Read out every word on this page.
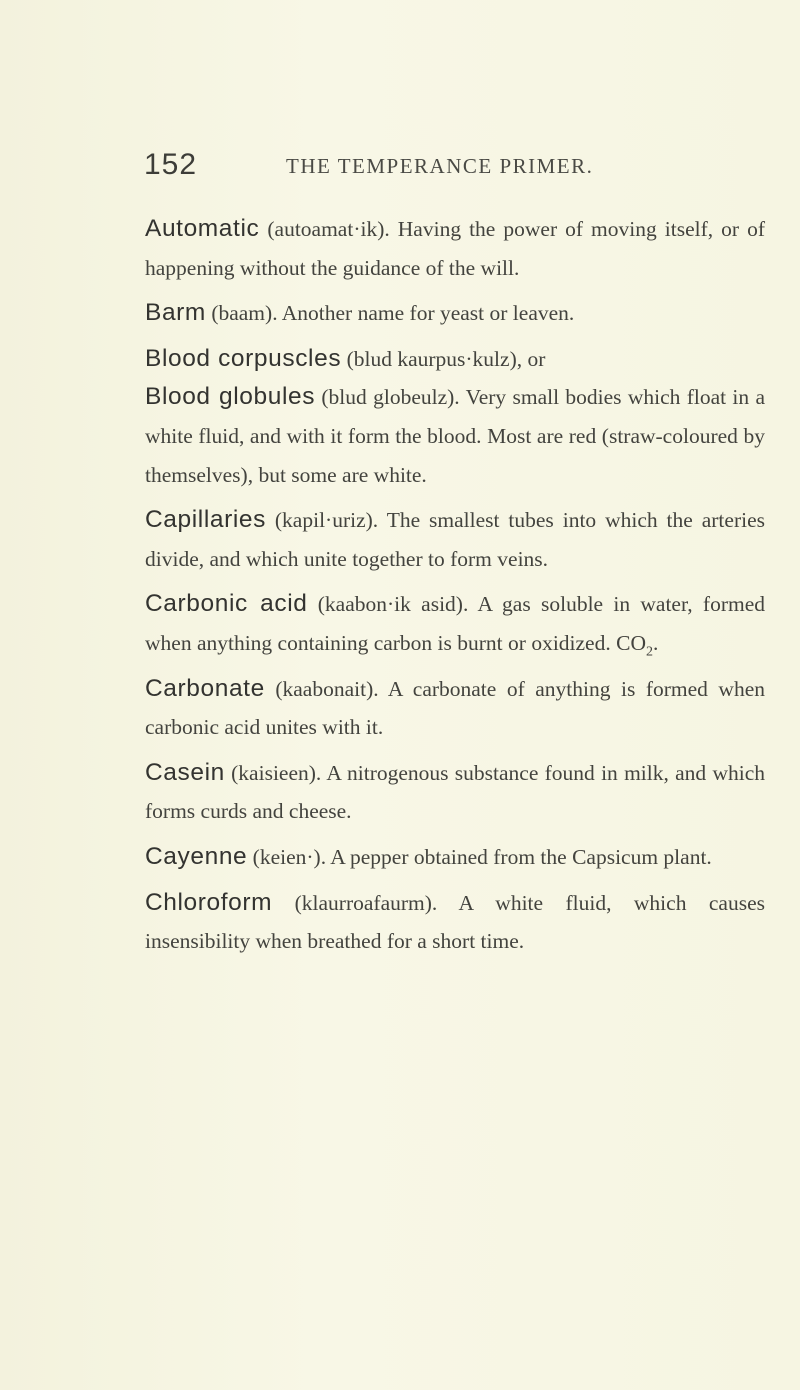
152	THE TEMPERANCE PRIMER.

Automatic (autoamat·ik). Having the power of moving itself, or of happening without the guidance of the will.

Barm (baam). Another name for yeast or leaven.

Blood corpuscles (blud kaurpus·kulz), or

Blood globules (blud globeulz). Very small bodies which float in a white fluid, and with it form the blood. Most are red (straw-coloured by themselves), but some are white.

Capillaries (kapil·uriz). The smallest tubes into which the arteries divide, and which unite together to form veins.

Carbonic acid (kaabon·ik asid). A gas soluble in water, formed when anything containing carbon is burnt or oxidized. $CO_2$.

Carbonate (kaabonait). A carbonate of anything is formed when carbonic acid unites with it.

Casein (kaisieen). A nitrogenous substance found in milk, and which forms curds and cheese.

Cayenne (keien·). A pepper obtained from the Capsicum plant.

Chloroform (klaurroafaurm). A white fluid, which causes insensibility when breathed for a short time.
